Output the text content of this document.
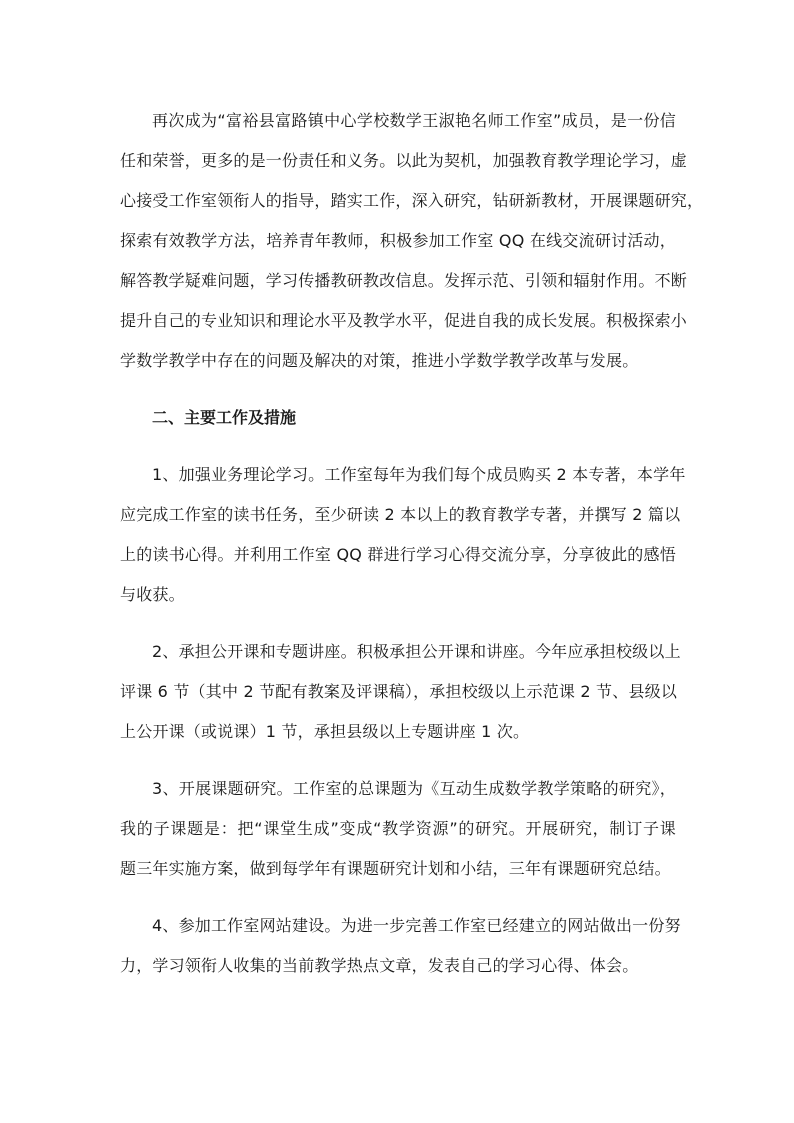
再次成为“富裕县富路镇中心学校数学王淑艳名师工作室”成员，是一份信
任和荣誉，更多的是一份责任和义务。以此为契机，加强教育教学理论学习，虚
心接受工作室领衔人的指导，踏实工作，深入研究，钻研新教材，开展课题研究，
探索有效教学方法，培养青年教师，积极参加工作室 QQ 在线交流研讨活动，
解答教学疑难问题，学习传播教研教改信息。发挥示范、引领和辐射作用。不断
提升自己的专业知识和理论水平及教学水平，促进自我的成长发展。积极探索小
学数学教学中存在的问题及解决的对策，推进小学数学教学改革与发展。
二、主要工作及措施
1、加强业务理论学习。工作室每年为我们每个成员购买 2 本专著，本学年
应完成工作室的读书任务，至少研读 2 本以上的教育教学专著，并撰写 2 篇以
上的读书心得。并利用工作室 QQ 群进行学习心得交流分享，分享彼此的感悟
与收获。
2、承担公开课和专题讲座。积极承担公开课和讲座。今年应承担校级以上
评课 6 节（其中 2 节配有教案及评课稿），承担校级以上示范课 2 节、县级以
上公开课（或说课）1 节，承担县级以上专题讲座 1 次。
3、开展课题研究。工作室的总课题为《互动生成数学教学策略的研究》，
我的子课题是：把“课堂生成”变成“教学资源”的研究。开展研究，制订子课
题三年实施方案，做到每学年有课题研究计划和小结，三年有课题研究总结。
4、参加工作室网站建设。为进一步完善工作室已经建立的网站做出一份努
力，学习领衔人收集的当前教学热点文章，发表自己的学习心得、体会。
